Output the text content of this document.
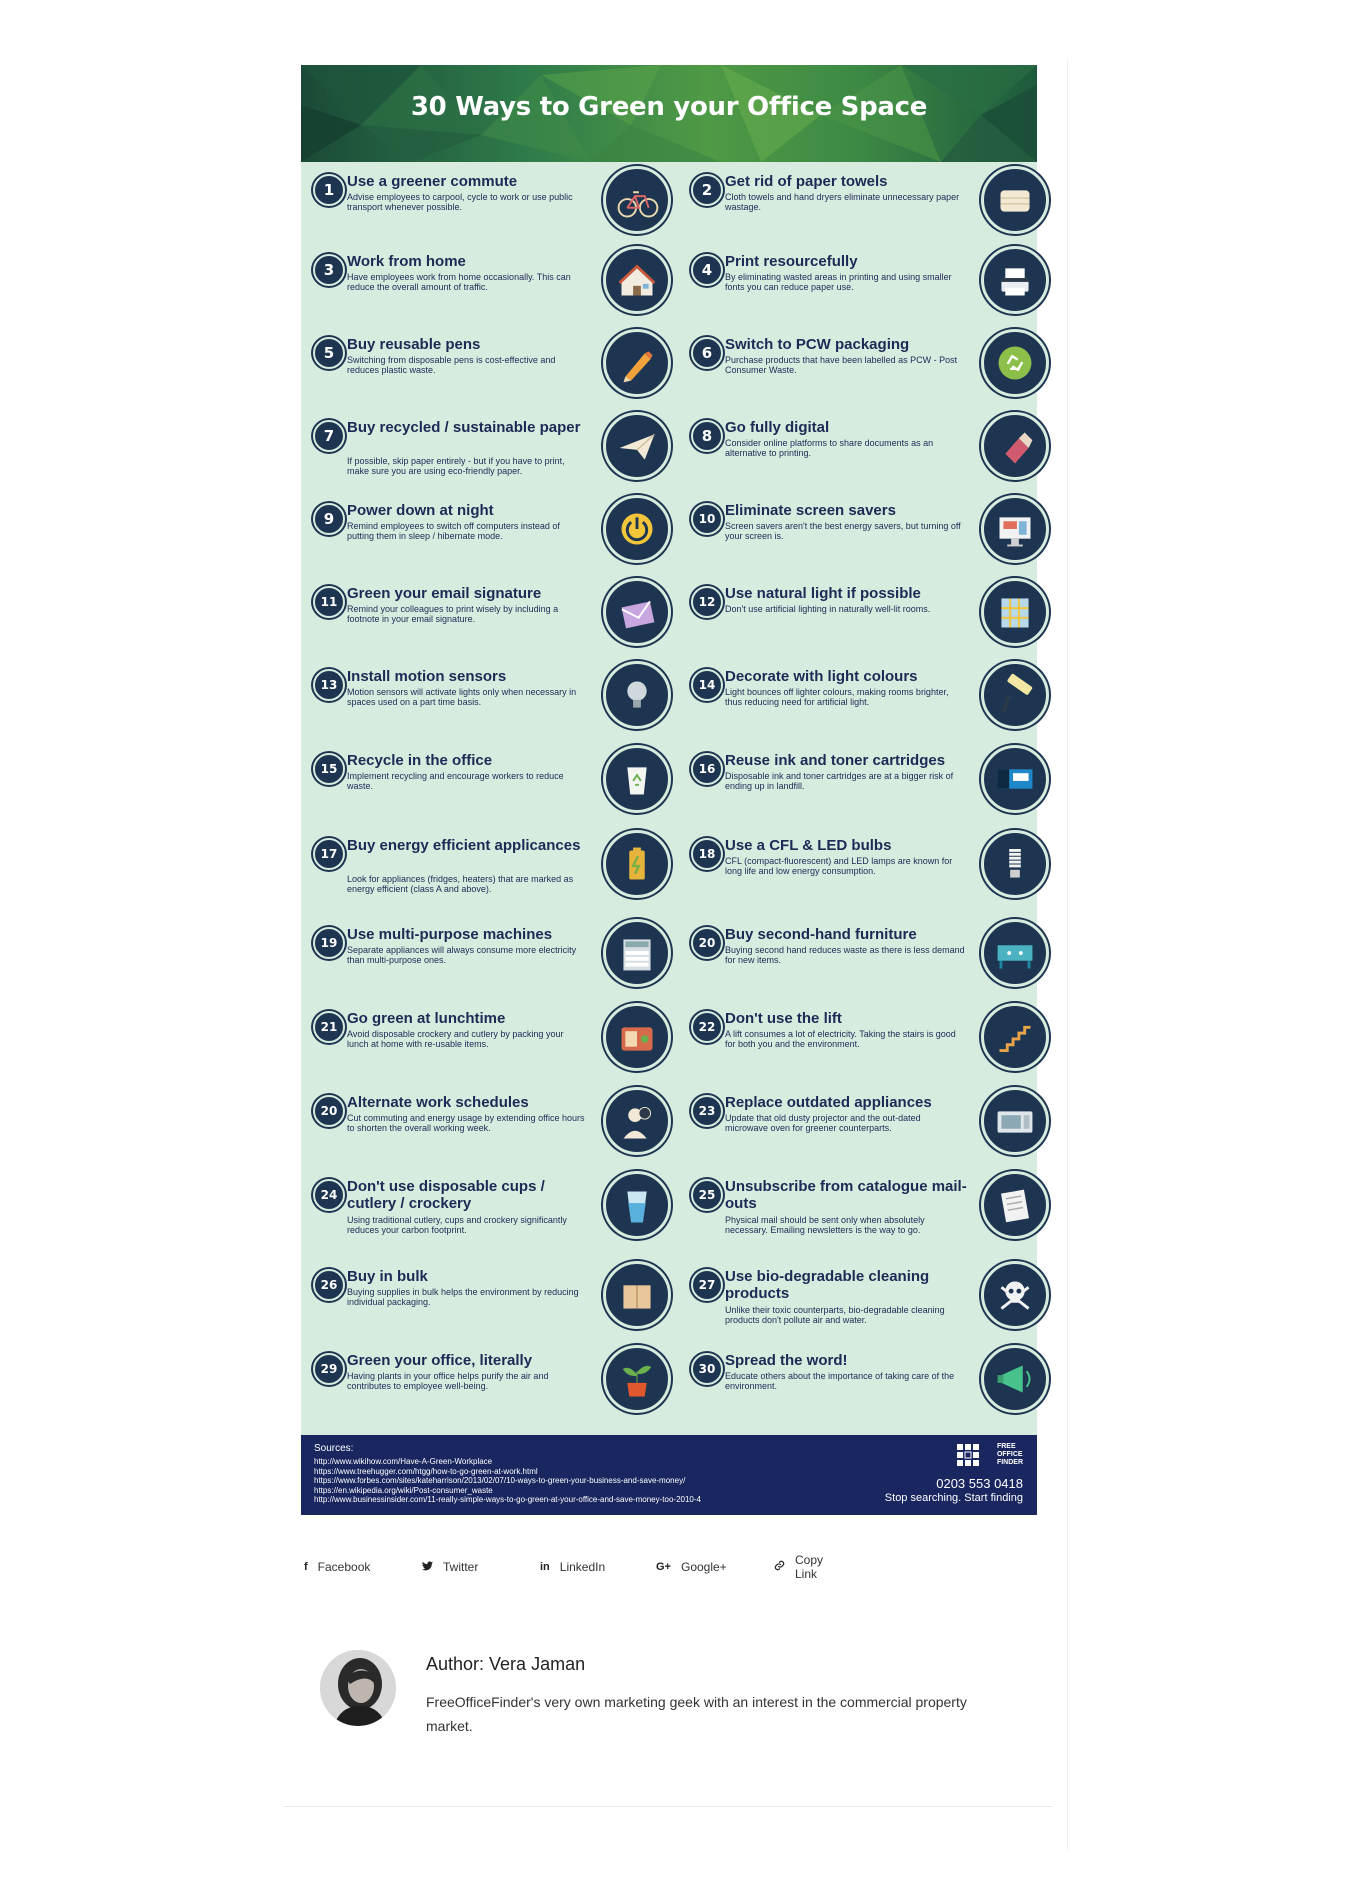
30 Ways to Green your Office Space
1 Use a greener commute
Advise employees to carpool, cycle to work or use public transport whenever possible.
2 Get rid of paper towels
Cloth towels and hand dryers eliminate unnecessary paper wastage.
3 Work from home
Have employees work from home occasionally. This can reduce the overall amount of traffic.
4 Print resourcefully
By eliminating wasted areas in printing and using smaller fonts you can reduce paper use.
5 Buy reusable pens
Switching from disposable pens is cost-effective and reduces plastic waste.
6 Switch to PCW packaging
Purchase products that have been labelled as PCW - Post Consumer Waste.
7 Buy recycled / sustainable paper
If possible, skip paper entirely - but if you have to print, make sure you are using eco-friendly paper.
8 Go fully digital
Consider online platforms to share documents as an alternative to printing.
9 Power down at night
Remind employees to switch off computers instead of putting them in sleep / hibernate mode.
10 Eliminate screen savers
Screen savers aren't the best energy savers, but turning off your screen is.
11 Green your email signature
Remind your colleagues to print wisely by including a footnote in your email signature.
12 Use natural light if possible
Don't use artificial lighting in naturally well-lit rooms.
13 Install motion sensors
Motion sensors will activate lights only when necessary in spaces used on a part time basis.
14 Decorate with light colours
Light bounces off lighter colours, making rooms brighter, thus reducing need for artificial light.
15 Recycle in the office
Implement recycling and encourage workers to reduce waste.
16 Reuse ink and toner cartridges
Disposable ink and toner cartridges are at a bigger risk of ending up in landfill.
17 Buy energy efficient applicances
Look for appliances (fridges, heaters) that are marked as energy efficient (class A and above).
18 Use a CFL & LED bulbs
CFL (compact-fluorescent) and LED lamps are known for long life and low energy consumption.
19 Use multi-purpose machines
Separate appliances will always consume more electricity than multi-purpose ones.
20 Buy second-hand furniture
Buying second hand reduces waste as there is less demand for new items.
21 Go green at lunchtime
Avoid disposable crockery and cutlery by packing your lunch at home with re-usable items.
22 Don't use the lift
A lift consumes a lot of electricity. Taking the stairs is good for both you and the environment.
20 Alternate work schedules
Cut commuting and energy usage by extending office hours to shorten the overall working week.
23 Replace outdated appliances
Update that old dusty projector and the out-dated microwave oven for greener counterparts.
24 Don't use disposable cups / cutlery / crockery
Using traditional cutlery, cups and crockery significantly reduces your carbon footprint.
25 Unsubscribe from catalogue mail-outs
Physical mail should be sent only when absolutely necessary. Emailing newsletters is the way to go.
26 Buy in bulk
Buying supplies in bulk helps the environment by reducing individual packaging.
27 Use bio-degradable cleaning products
Unlike their toxic counterparts, bio-degradable cleaning products don't pollute air and water.
29 Green your office, literally
Having plants in your office helps purify the air and contributes to employee well-being.
30 Spread the word!
Educate others about the importance of taking care of the environment.
Sources:
http://www.wikihow.com/Have-A-Green-Workplace
https://www.treehugger.com/htgg/how-to-go-green-at-work.html
https://www.forbes.com/sites/kateharrison/2013/02/07/10-ways-to-green-your-business-and-save-money/
https://en.wikipedia.org/wiki/Post-consumer_waste
http://www.businessinsider.com/11-really-simple-ways-to-go-green-at-your-office-and-save-money-too-2010-4
FREE
OFFICE
FINDER
0203 553 0418
Stop searching. Start finding
f Facebook	Twitter	in LinkedIn	G+ Google+	Copy Link
Author: Vera Jaman
FreeOfficeFinder's very own marketing geek with an interest in the commercial property market.
